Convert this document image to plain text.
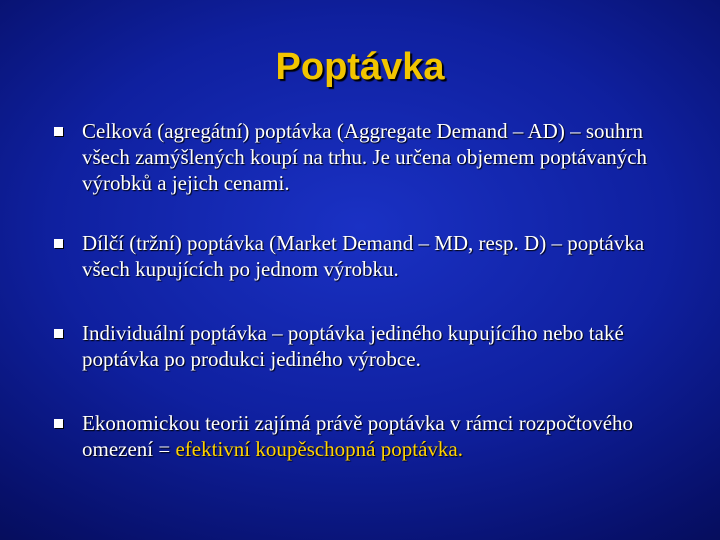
Poptávka
Celková (agregátní) poptávka (Aggregate Demand – AD) – souhrn všech zamýšlených koupí na trhu. Je určena objemem poptávaných výrobků a jejich cenami.
Dílčí (tržní) poptávka (Market Demand – MD, resp. D) – poptávka všech kupujících po jednom výrobku.
Individuální poptávka – poptávka jediného kupujícího nebo také poptávka po produkci jediného výrobce.
Ekonomickou teorii zajímá právě poptávka v rámci rozpočtového omezení = efektivní koupěschopná poptávka.
